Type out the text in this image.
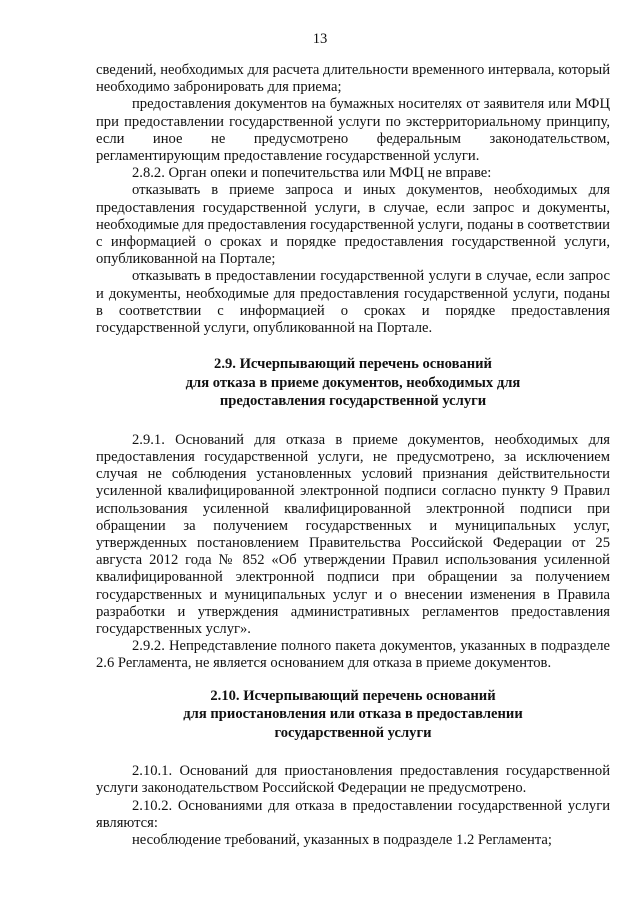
13

сведений, необходимых для расчета длительности временного интервала, который необходимо забронировать для приема;

предоставления документов на бумажных носителях от заявителя или МФЦ при предоставлении государственной услуги по экстерриториальному принципу, если иное не предусмотрено федеральным законодательством, регламентирующим предоставление государственной услуги.

2.8.2. Орган опеки и попечительства или МФЦ не вправе:

отказывать в приеме запроса и иных документов, необходимых для предоставления государственной услуги, в случае, если запрос и документы, необходимые для предоставления государственной услуги, поданы в соответствии с информацией о сроках и порядке предоставления государственной услуги, опубликованной на Портале;

отказывать в предоставлении государственной услуги в случае, если запрос и документы, необходимые для предоставления государственной услуги, поданы в соответствии с информацией о сроках и порядке предоставления государственной услуги, опубликованной на Портале.

2.9. Исчерпывающий перечень оснований
для отказа в приеме документов, необходимых для
предоставления государственной услуги

2.9.1. Оснований для отказа в приеме документов, необходимых для предоставления государственной услуги, не предусмотрено, за исключением случая не соблюдения установленных условий признания действительности усиленной квалифицированной электронной подписи согласно пункту 9 Правил использования усиленной квалифицированной электронной подписи при обращении за получением государственных и муниципальных услуг, утвержденных постановлением Правительства Российской Федерации от 25 августа 2012 года № 852 «Об утверждении Правил использования усиленной квалифицированной электронной подписи при обращении за получением государственных и муниципальных услуг и о внесении изменения в Правила разработки и утверждения административных регламентов предоставления государственных услуг».

2.9.2. Непредставление полного пакета документов, указанных в подразделе 2.6 Регламента, не является основанием для отказа в приеме документов.

2.10. Исчерпывающий перечень оснований
для приостановления или отказа в предоставлении
государственной услуги

2.10.1. Оснований для приостановления предоставления государственной услуги законодательством Российской Федерации не предусмотрено.

2.10.2. Основаниями для отказа в предоставлении государственной услуги являются:

несоблюдение требований, указанных в подразделе 1.2 Регламента;
